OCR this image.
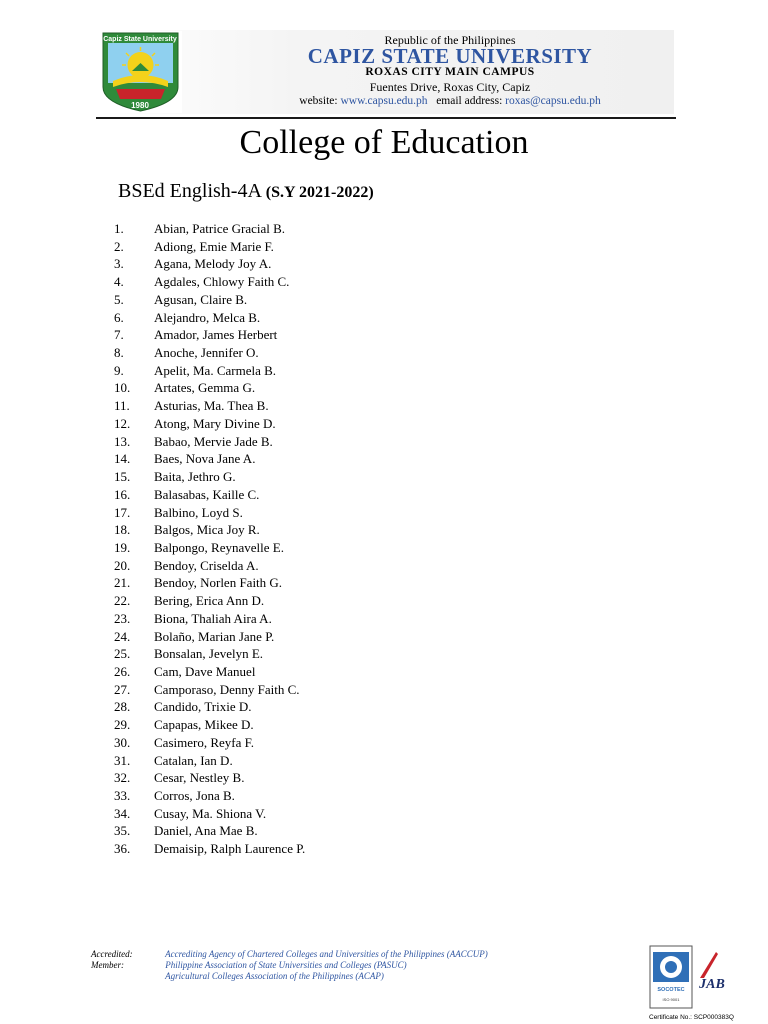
Capiz State University
1980
Republic of the Philippines
CAPIZ STATE UNIVERSITY
ROXAS CITY MAIN CAMPUS
Fuentes Drive, Roxas City, Capiz
website: www.capsu.edu.ph email address: roxas@capsu.edu.ph
College of Education
BSEd English-4A (S.Y 2021-2022)
1. Abian, Patrice Gracial B.
2. Adiong, Emie Marie F.
3. Agana, Melody Joy A.
4. Agdales, Chlowy Faith C.
5. Agusan, Claire B.
6. Alejandro, Melca B.
7. Amador, James Herbert
8. Anoche, Jennifer O.
9. Apelit, Ma. Carmela B.
10. Artates, Gemma G.
11. Asturias, Ma. Thea B.
12. Atong, Mary Divine D.
13. Babao, Mervie Jade B.
14. Baes, Nova Jane A.
15. Baita, Jethro G.
16. Balasabas, Kaille C.
17. Balbino, Loyd S.
18. Balgos, Mica Joy R.
19. Balpongo, Reynavelle E.
20. Bendoy, Criselda A.
21. Bendoy, Norlen Faith G.
22. Bering, Erica Ann D.
23. Biona, Thaliah Aira A.
24. Bolaño, Marian Jane P.
25. Bonsalan, Jevelyn E.
26. Cam, Dave Manuel
27. Camporaso, Denny Faith C.
28. Candido, Trixie D.
29. Capapas, Mikee D.
30. Casimero, Reyfa F.
31. Catalan, Ian D.
32. Cesar, Nestley B.
33. Corros, Jona B.
34. Cusay, Ma. Shiona V.
35. Daniel, Ana Mae B.
36. Demaisip, Ralph Laurence P.
Accredited:	Accrediting Agency of Chartered Colleges and Universities of the Philippines (AACCUP)
Member:	Philippine Association of State Universities and Colleges (PASUC)
Agricultural Colleges Association of the Philippines (ACAP)
SOCOTEC
ISO 9001
JAB
Certificate No.: SCP000383Q
